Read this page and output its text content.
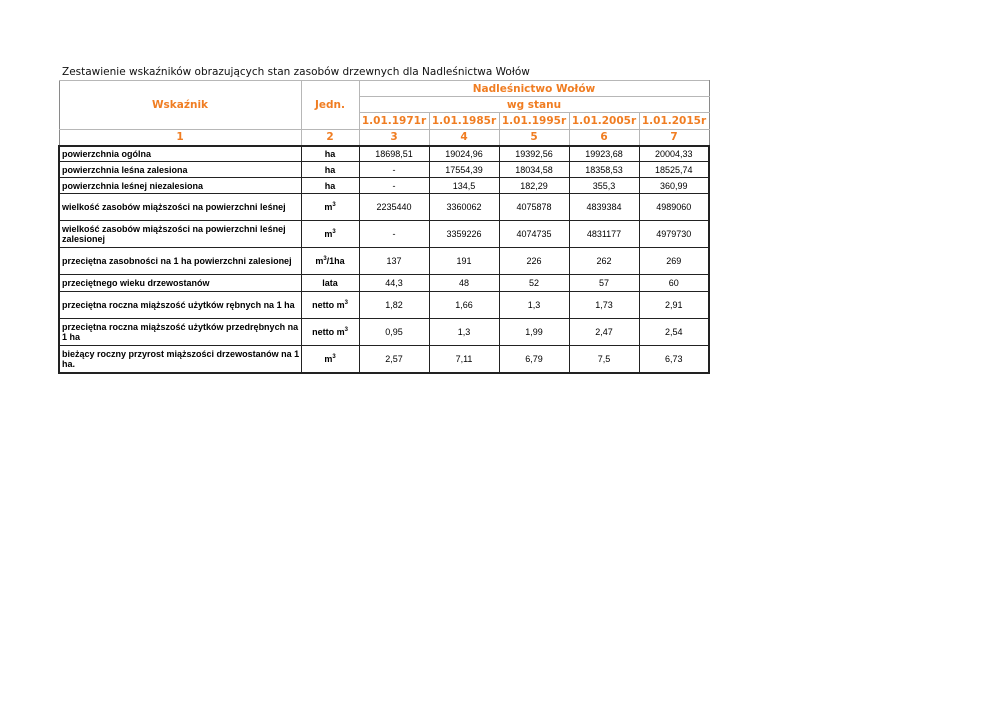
Zestawienie wskaźników obrazujących stan zasobów drzewnych dla Nadleśnictwa Wołów
Wskaźnik	Jedn.	Nadleśnictwo Wołów				
		wg stanu				
		1.01.1971r	1.01.1985r	1.01.1995r	1.01.2005r	1.01.2015r
1	2	3	4	5	6	7
powierzchnia ogólna	ha	18698,51	19024,96	19392,56	19923,68	20004,33
powierzchnia leśna zalesiona	ha	-	17554,39	18034,58	18358,53	18525,74
powierzchnia leśnej niezalesiona	ha	-	134,5	182,29	355,3	360,99
wielkość zasobów miąższości na powierzchni leśnej	$m^3$	2235440	3360062	4075878	4839384	4989060
wielkość zasobów miąższości na powierzchni leśnej zalesionej	$m^3$	-	3359226	4074735	4831177	4979730
przeciętna zasobności na 1 ha powierzchni zalesionej	$m^3/1ha$	137	191	226	262	269
przeciętnego wieku drzewostanów	lata	44,3	48	52	57	60
przeciętna roczna miąższość użytków rębnych na 1 ha	netto $m^3$	1,82	1,66	1,3	1,73	2,91
przeciętna roczna miąższość użytków przedrębnych na 1 ha	netto $m^3$	0,95	1,3	1,99	2,47	2,54
bieżący roczny przyrost miąższości drzewostanów na 1 ha.	$m^3$	2,57	7,11	6,79	7,5	6,73
